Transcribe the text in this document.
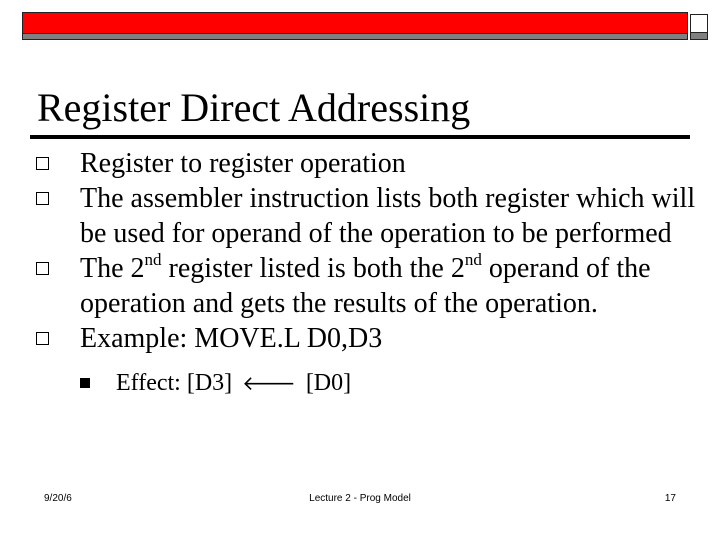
Register Direct Addressing
Register to register operation
The assembler instruction lists both register which will be used for operand of the operation to be performed
The 2nd register listed is both the 2nd operand of the operation and gets the results of the operation.
Example: MOVE.L D0,D3
Effect: [D3] 🡐 [D0]
9/20/6	Lecture 2 - Prog Model	17
